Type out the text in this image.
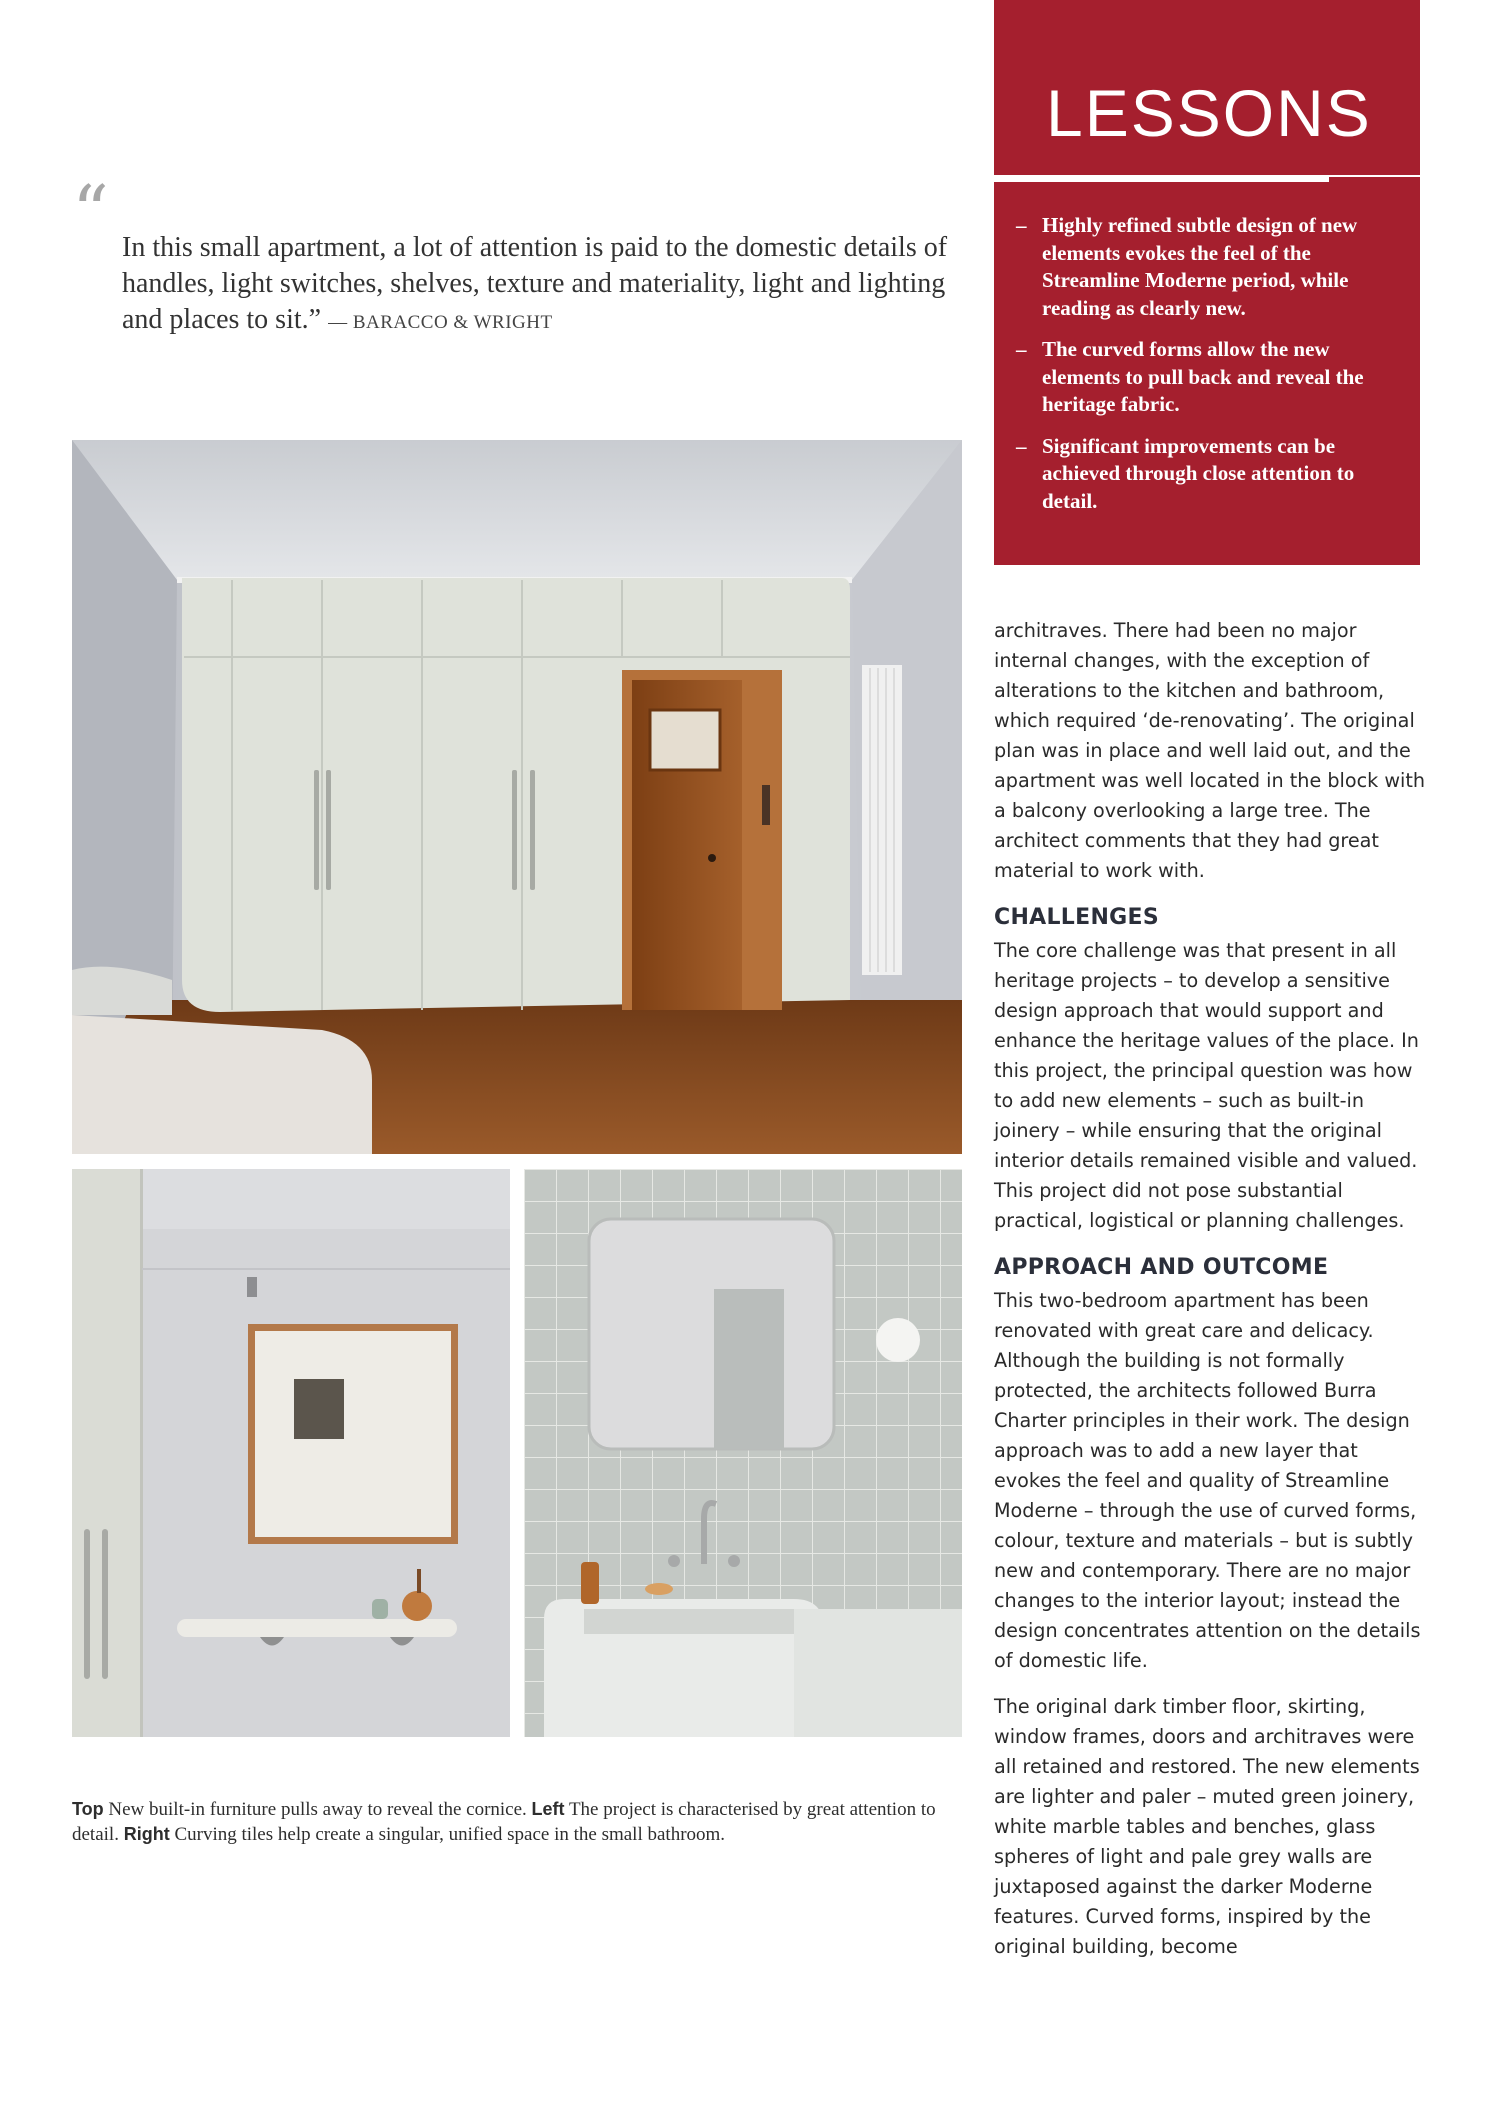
“ In this small apartment, a lot of attention is paid to the domestic details of handles, light switches, shelves, texture and materiality, light and lighting and places to sit.” — BARACCO & WRIGHT
Top New built-in furniture pulls away to reveal the cornice. Left The project is characterised by great attention to detail. Right Curving tiles help create a singular, unified space in the small bathroom.
LESSONS
– Highly refined subtle design of new elements evokes the feel of the Streamline Moderne period, while reading as clearly new.
– The curved forms allow the new elements to pull back and reveal the heritage fabric.
– Significant improvements can be achieved through close attention to detail.

architraves. There had been no major internal changes, with the exception of alterations to the kitchen and bathroom, which required ‘de-renovating’. The original plan was in place and well laid out, and the apartment was well located in the block with a balcony overlooking a large tree. The architect comments that they had great material to work with.

CHALLENGES

The core challenge was that present in all heritage projects – to develop a sensitive design approach that would support and enhance the heritage values of the place. In this project, the principal question was how to add new elements – such as built-in joinery – while ensuring that the original interior details remained visible and valued. This project did not pose substantial practical, logistical or planning challenges.

APPROACH AND OUTCOME

This two-bedroom apartment has been renovated with great care and delicacy. Although the building is not formally protected, the architects followed Burra Charter principles in their work. The design approach was to add a new layer that evokes the feel and quality of Streamline Moderne – through the use of curved forms, colour, texture and materials – but is subtly new and contemporary. There are no major changes to the interior layout; instead the design concentrates attention on the details of domestic life.

The original dark timber floor, skirting, window frames, doors and architraves were all retained and restored. The new elements are lighter and paler – muted green joinery, white marble tables and benches, glass spheres of light and pale grey walls are juxtaposed against the darker Moderne features. Curved forms, inspired by the original building, become
